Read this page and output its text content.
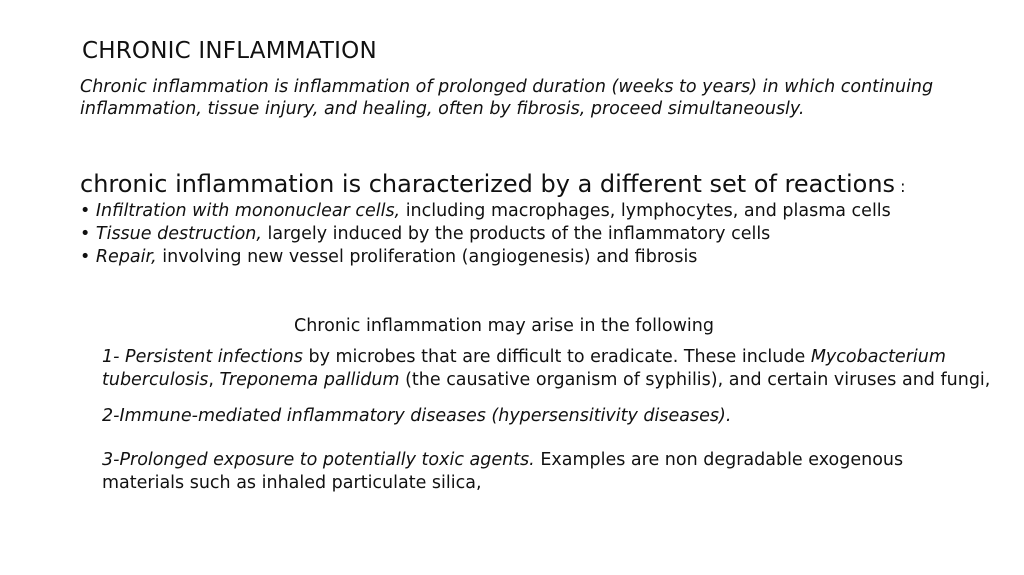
CHRONIC INFLAMMATION
Chronic inflammation is inflammation of prolonged duration (weeks to years) in which continuing
inflammation, tissue injury, and healing, often by fibrosis, proceed simultaneously.
chronic inflammation is characterized by a different set of reactions :
• Infiltration with mononuclear cells, including macrophages, lymphocytes, and plasma cells
• Tissue destruction, largely induced by the products of the inflammatory cells
• Repair, involving new vessel proliferation (angiogenesis) and fibrosis
Chronic inflammation may arise in the following
1- Persistent infections by microbes that are difficult to eradicate. These include Mycobacterium
tuberculosis, Treponema pallidum (the causative organism of syphilis), and certain viruses and fungi,
2-Immune-mediated inflammatory diseases (hypersensitivity diseases).
3-Prolonged exposure to potentially toxic agents. Examples are non degradable exogenous
materials such as inhaled particulate silica,
